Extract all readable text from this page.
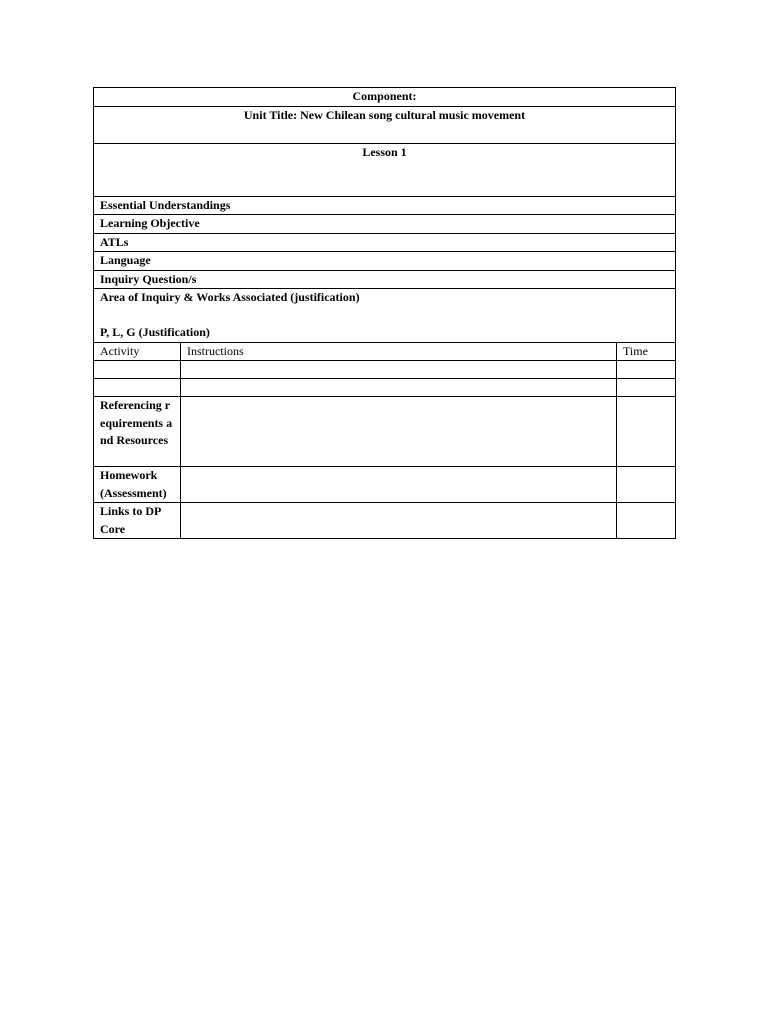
Component:		
Unit Title: New Chilean song cultural music movement		
Lesson 1		
Essential Understandings		
Learning Objective		
ATLs		
Language		
Inquiry Question/s		
Area of Inquiry & Works Associated (justification)
P, L, G (Justification)		
Activity	Instructions	Time

Referencing requirements and Resources		
Homework (Assessment)		
Links to DP Core		
